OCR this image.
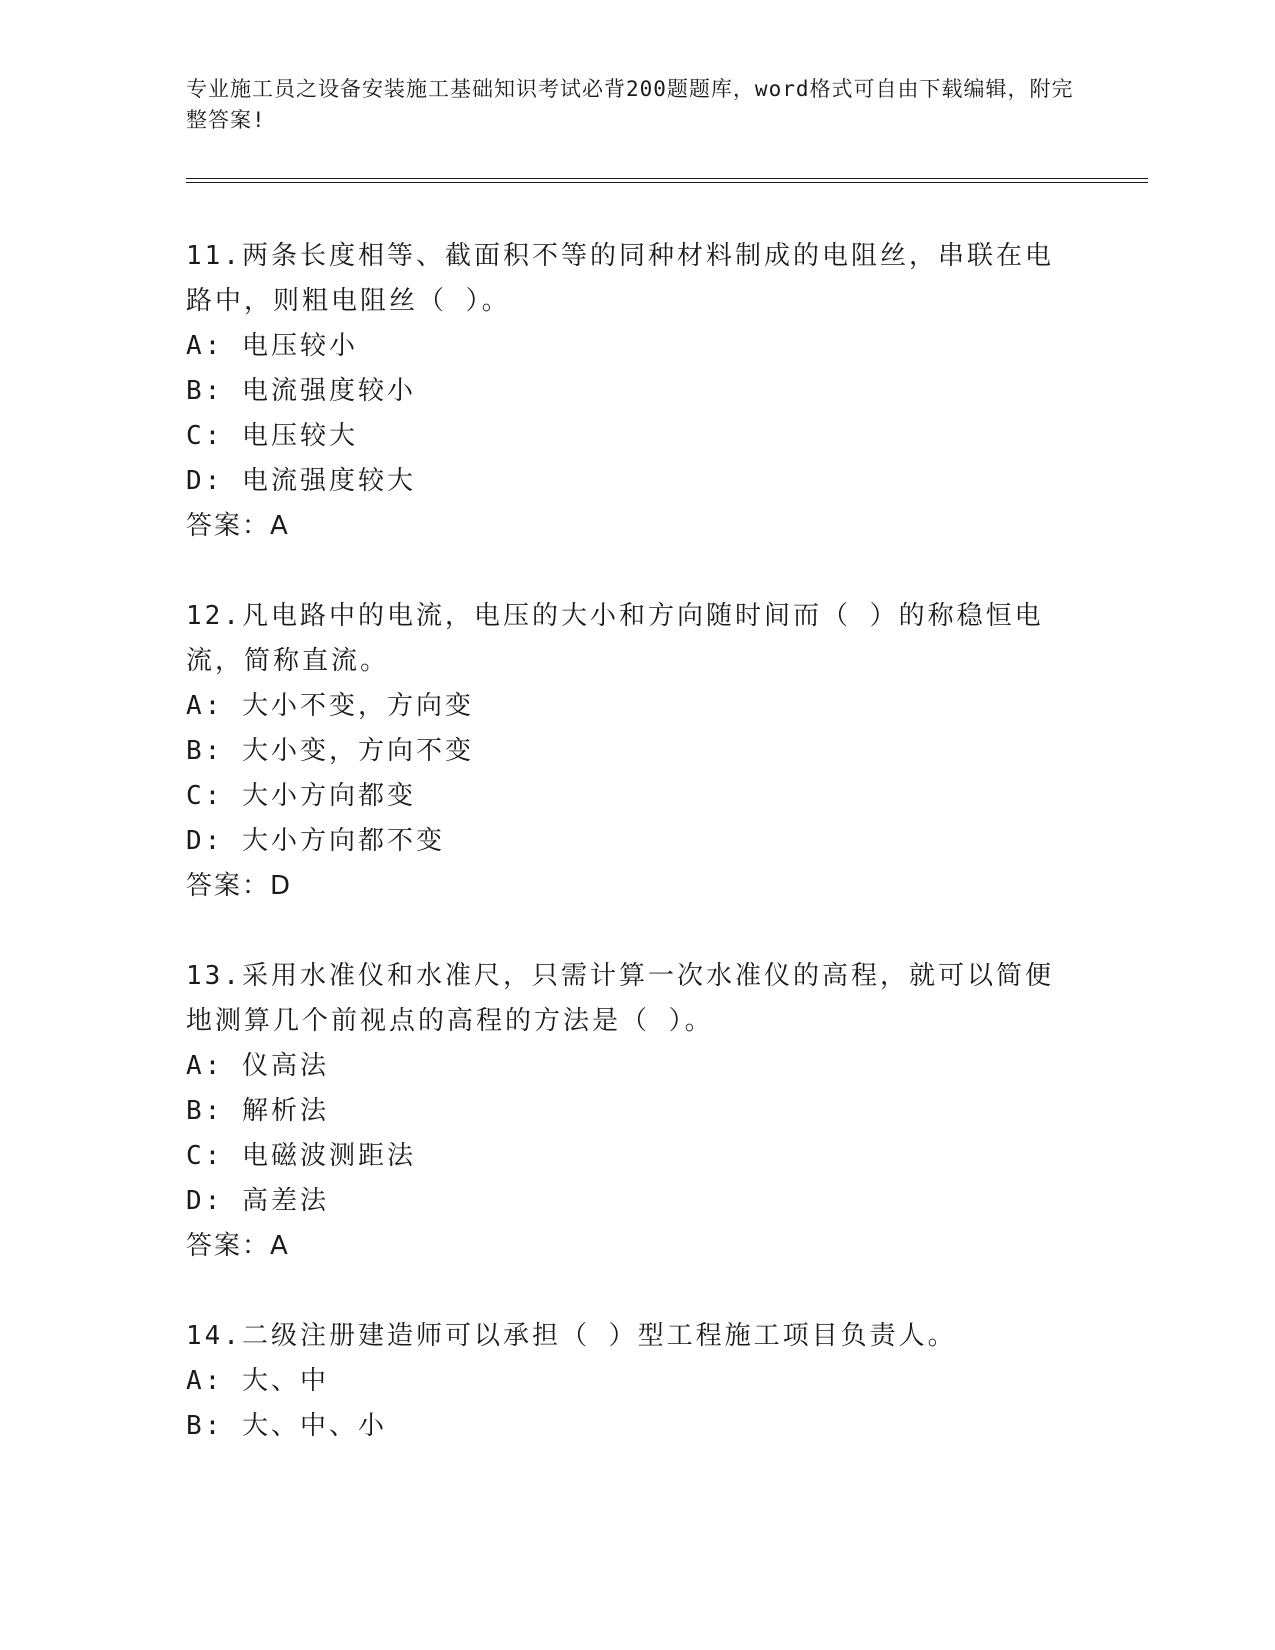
专业施工员之设备安装施工基础知识考试必背200题题库，word格式可自由下载编辑，附完整答案!

11.两条长度相等、截面积不等的同种材料制成的电阻丝，串联在电路中，则粗电阻丝（ ）。

A: 电压较小

B: 电流强度较小

C: 电压较大

D: 电流强度较大

答案：A

12.凡电路中的电流，电压的大小和方向随时间而（ ）的称稳恒电流，简称直流。

A: 大小不变，方向变

B: 大小变，方向不变

C: 大小方向都变

D: 大小方向都不变

答案：D

13.采用水准仪和水准尺，只需计算一次水准仪的高程，就可以简便地测算几个前视点的高程的方法是（ ）。

A: 仪高法

B: 解析法

C: 电磁波测距法

D: 高差法

答案：A

14.二级注册建造师可以承担（ ）型工程施工项目负责人。

A: 大、中

B: 大、中、小
